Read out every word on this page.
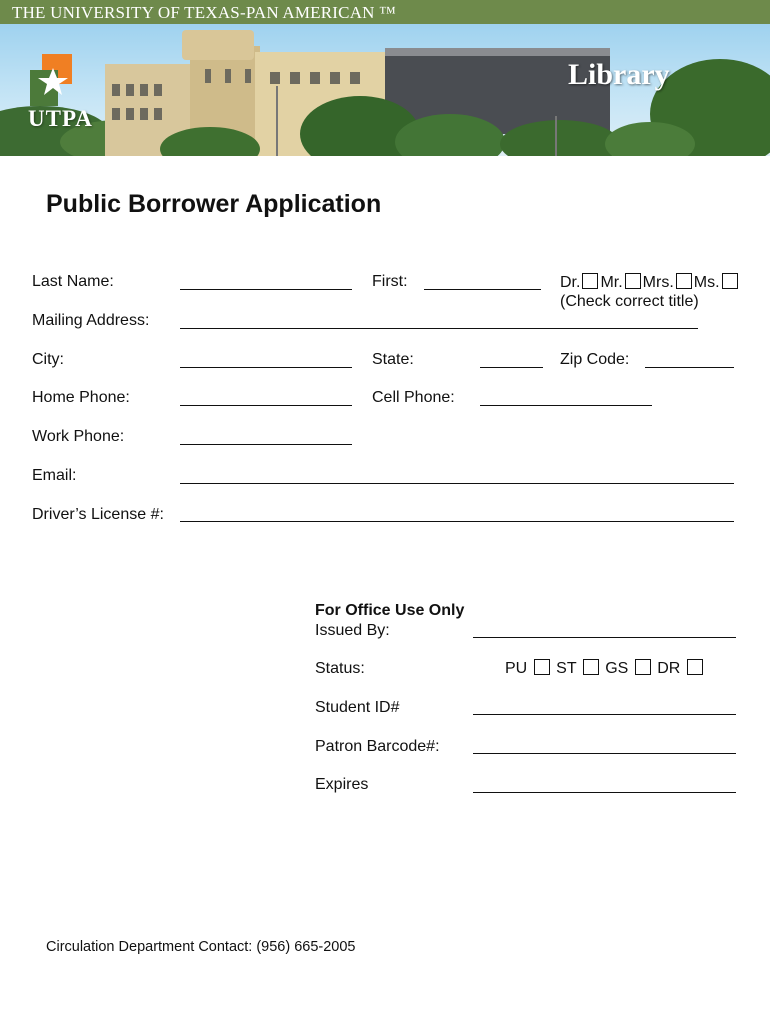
THE UNIVERSITY OF TEXAS-PAN AMERICAN ™
UTPA
Library
Public Borrower Application
Last Name:	First:	Dr. Mr. Mrs. Ms.
(Check correct title)
Mailing Address:
City:	State:	Zip Code:
Home Phone:	Cell Phone:
Work Phone:
Email:
Driver’s License #:
For Office Use Only
Issued By:
Status:	PU ST GS DR
Student ID#
Patron Barcode#:
Expires
Circulation Department Contact: (956) 665-2005
